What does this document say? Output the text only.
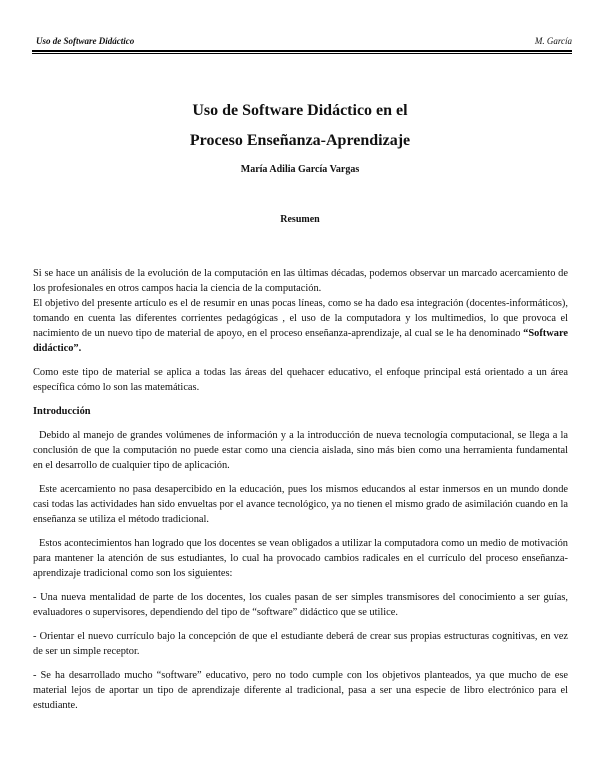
Uso de Software Didáctico	M. García
Uso de Software Didáctico en el
Proceso Enseñanza-Aprendizaje
María Adilia García Vargas
Resumen

Si se hace un análisis de la evolución de la computación en las últimas décadas, podemos observar un marcado acercamiento de los profesionales en otros campos hacia la ciencia de la computación.

El objetivo del presente artículo es el de resumir en unas pocas líneas, como se ha dado esa integración (docentes-informáticos), tomando en cuenta las diferentes corrientes pedagógicas , el uso de la computadora y los multimedios, lo que provoca el nacimiento de un nuevo tipo de material de apoyo, en el proceso enseñanza-aprendizaje, al cual se le ha denominado “Software didáctico”.

Como este tipo de material se aplica a todas las áreas del quehacer educativo, el enfoque principal está orientado a un área específica cómo lo son las matemáticas.

Introducción

Debido al manejo de grandes volúmenes de información y a la introducción de nueva tecnología computacional, se llega a la conclusión de que la computación no puede estar como una ciencia aislada, sino más bien como una herramienta fundamental en el desarrollo de cualquier tipo de aplicación.

Este acercamiento no pasa desapercibido en la educación, pues los mismos educandos al estar inmersos en un mundo donde casi todas las actividades han sido envueltas por el avance tecnológico, ya no tienen el mismo grado de asimilación cuando en la enseñanza se utiliza el método tradicional.

Estos acontecimientos han logrado que los docentes se vean obligados a utilizar la computadora como un medio de motivación para mantener la atención de sus estudiantes, lo cual ha provocado cambios radicales en el currículo del proceso enseñanza-aprendizaje tradicional como son los siguientes:

- Una nueva mentalidad de parte de los docentes, los cuales pasan de ser simples transmisores del conocimiento a ser guías, evaluadores o supervisores, dependiendo del tipo de “software” didáctico que se utilice.

- Orientar el nuevo currículo bajo la concepción de que el estudiante deberá de crear sus propias estructuras cognitivas, en vez de ser un simple receptor.

- Se ha desarrollado mucho “software” educativo, pero no todo cumple con los objetivos planteados, ya que mucho de ese material lejos de aportar un tipo de aprendizaje diferente al tradicional, pasa a ser una especie de libro electrónico para el estudiante.
